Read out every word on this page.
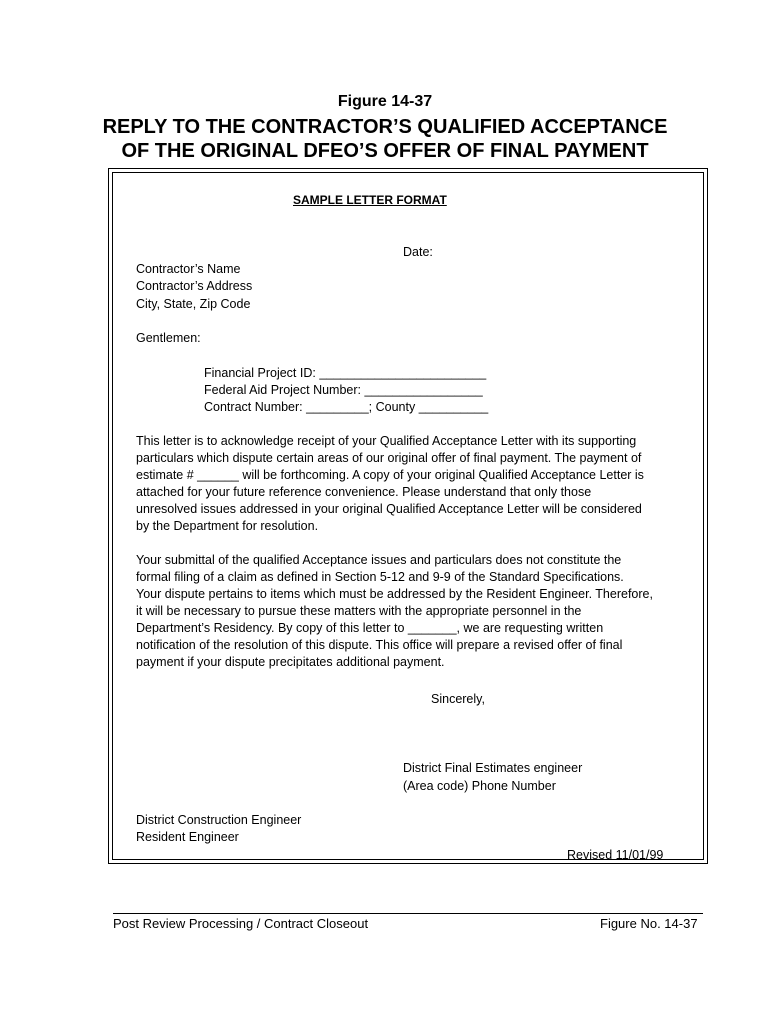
Figure 14-37
REPLY TO THE CONTRACTOR’S QUALIFIED ACCEPTANCE
OF THE ORIGINAL DFEO’S OFFER OF FINAL PAYMENT
SAMPLE LETTER FORMAT
Date:
Contractor’s Name
Contractor’s Address
City, State, Zip Code
Gentlemen:
Financial Project ID: ________________________
Federal Aid Project Number: _________________
Contract Number: _________; County __________
This letter is to acknowledge receipt of your Qualified Acceptance Letter with its supporting
particulars which dispute certain areas of our original offer of final payment. The payment of
estimate # ______ will be forthcoming. A copy of your original Qualified Acceptance Letter is
attached for your future reference convenience. Please understand that only those
unresolved issues addressed in your original Qualified Acceptance Letter will be considered
by the Department for resolution.
Your submittal of the qualified Acceptance issues and particulars does not constitute the
formal filing of a claim as defined in Section 5-12 and 9-9 of the Standard Specifications.
Your dispute pertains to items which must be addressed by the Resident Engineer. Therefore,
it will be necessary to pursue these matters with the appropriate personnel in the
Department’s Residency. By copy of this letter to _______, we are requesting written
notification of the resolution of this dispute. This office will prepare a revised offer of final
payment if your dispute precipitates additional payment.
Sincerely,
District Final Estimates engineer
(Area code) Phone Number
District Construction Engineer
Resident Engineer
Revised 11/01/99
Post Review Processing / Contract Closeout	Figure No. 14-37
